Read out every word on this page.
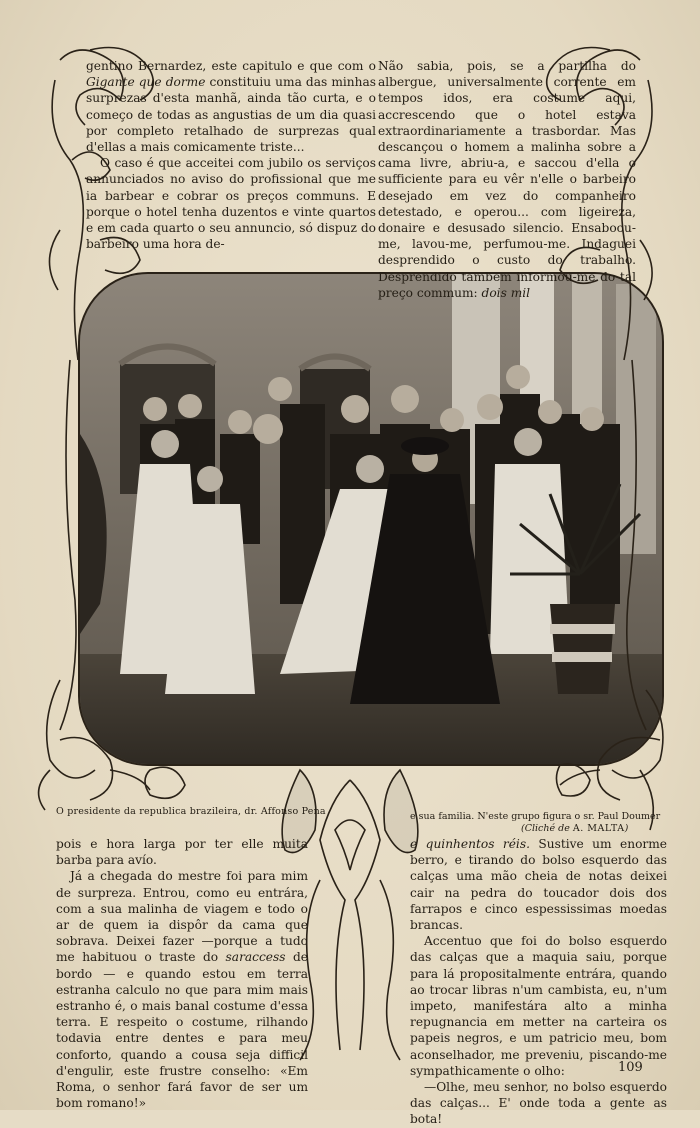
gentino Bernardez, este capitulo e que com o Gigante que dorme constituiu uma das minhas surprezas d'esta manhã, ainda tão curta, e o começo de todas as angustias de um dia quasi por completo retalhado de surprezas qual d'ellas a mais comicamente triste...

O caso é que acceitei com jubilo os serviços annunciados no aviso do profissional que me ia barbear e cobrar os preços communs. E porque o hotel tenha duzentos e vinte quartos e em cada quarto o seu annuncio, só dispuz do barbeiro uma hora de-

Não sabia, pois, se a partilha do albergue, universalmente corrente em tempos idos, era costume aqui, accrescendo que o hotel estava extraordinariamente a trasbordar. Mas descançou o homem a malinha sobre a cama livre, abriu-a, e saccou d'ella o sufficiente para eu vêr n'elle o barbeiro desejado em vez do companheiro detestado, e operou... com ligeireza, donaire e desusado silencio. Ensaboou-me, lavou-me, perfumou-me. Indaguei desprendido o custo do trabalho. Desprendido tambem informou-me do tal preço commum: dois mil

O presidente da republica brazileira, dr. Affonso Pena	e sua familia. N'este grupo figura o sr. Paul Doumer
(Cliché de A. MALTA)

pois e hora larga por ter elle muita barba para avío.

Já a chegada do mestre foi para mim de surpreza. Entrou, como eu entrára, com a sua malinha de viagem e todo o ar de quem ia dispôr da cama que sobrava. Deixei fazer —porque a tudo me habituou o traste do saraccess de bordo — e quando estou em terra estranha calculo no que para mim mais estranho é, o mais banal costume d'essa terra. E respeito o costume, rilhando todavia entre dentes e para meu conforto, quando a cousa seja difficil d'engulir, este frustre conselho: «Em Roma, o senhor fará favor de ser um bom romano!»

e quinhentos réis. Sustive um enorme berro, e tirando do bolso esquerdo das calças uma mão cheia de notas deixei cair na pedra do toucador dois dos farrapos e cinco espessissimas moedas brancas.

Accentuo que foi do bolso esquerdo das calças que a maquia saiu, porque para lá propositalmente entrára, quando ao trocar libras n'um cambista, eu, n'um impeto, manifestára alto a minha repugnancia em metter na carteira os papeis negros, e um patricio meu, bom aconselhador, me preveniu, piscando-me sympathicamente o olho:

—Olhe, meu senhor, no bolso esquerdo das calças... E' onde toda a gente as bota!

109
